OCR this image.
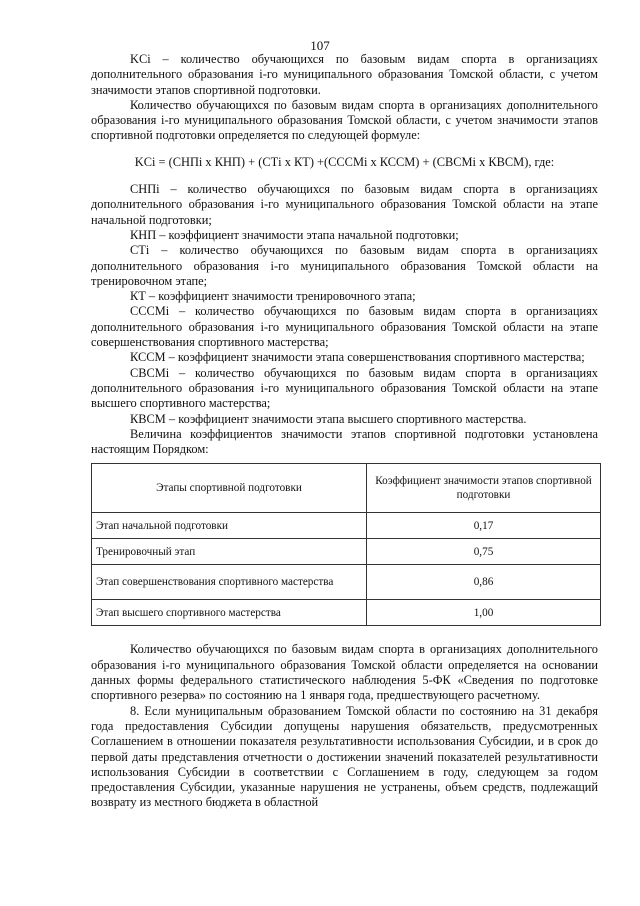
107

KCi – количество обучающихся по базовым видам спорта в организациях дополнительного образования i-го муниципального образования Томской области, с учетом значимости этапов спортивной подготовки.

Количество обучающихся по базовым видам спорта в организациях дополнительного образования i-го муниципального образования Томской области, с учетом значимости этапов спортивной подготовки определяется по следующей формуле:

KCi = (СНПi х КНП) + (СТi х КТ) +(СССМi х КССМ) + (СВСМi х КВСМ), где:

СНПi – количество обучающихся по базовым видам спорта в организациях дополнительного образования i-го муниципального образования Томской области на этапе начальной подготовки;

КНП – коэффициент значимости этапа начальной подготовки;

СТi – количество обучающихся по базовым видам спорта в организациях дополнительного образования i-го муниципального образования Томской области на тренировочном этапе;

КТ – коэффициент значимости тренировочного этапа;

СССМi – количество обучающихся по базовым видам спорта в организациях дополнительного образования i-го муниципального образования Томской области на этапе совершенствования спортивного мастерства;

КССМ – коэффициент значимости этапа совершенствования спортивного мастерства;

СВСМi – количество обучающихся по базовым видам спорта в организациях дополнительного образования i-го муниципального образования Томской области на этапе высшего спортивного мастерства;

КВСМ – коэффициент значимости этапа высшего спортивного мастерства.

Величина коэффициентов значимости этапов спортивной подготовки установлена настоящим Порядком:

Этапы спортивной подготовки	Коэффициент значимости этапов спортивной подготовки
Этап начальной подготовки	0,17
Тренировочный этап	0,75
Этап совершенствования спортивного мастерства	0,86
Этап высшего спортивного мастерства	1,00

Количество обучающихся по базовым видам спорта в организациях дополнительного образования i-го муниципального образования Томской области определяется на основании данных формы федерального статистического наблюдения 5-ФК «Сведения по подготовке спортивного резерва» по состоянию на 1 января года, предшествующего расчетному.

8. Если муниципальным образованием Томской области по состоянию на 31 декабря года предоставления Субсидии допущены нарушения обязательств, предусмотренных Соглашением в отношении показателя результативности использования Субсидии, и в срок до первой даты представления отчетности о достижении значений показателей результативности использования Субсидии в соответствии с Соглашением в году, следующем за годом предоставления Субсидии, указанные нарушения не устранены, объем средств, подлежащий возврату из местного бюджета в областной
